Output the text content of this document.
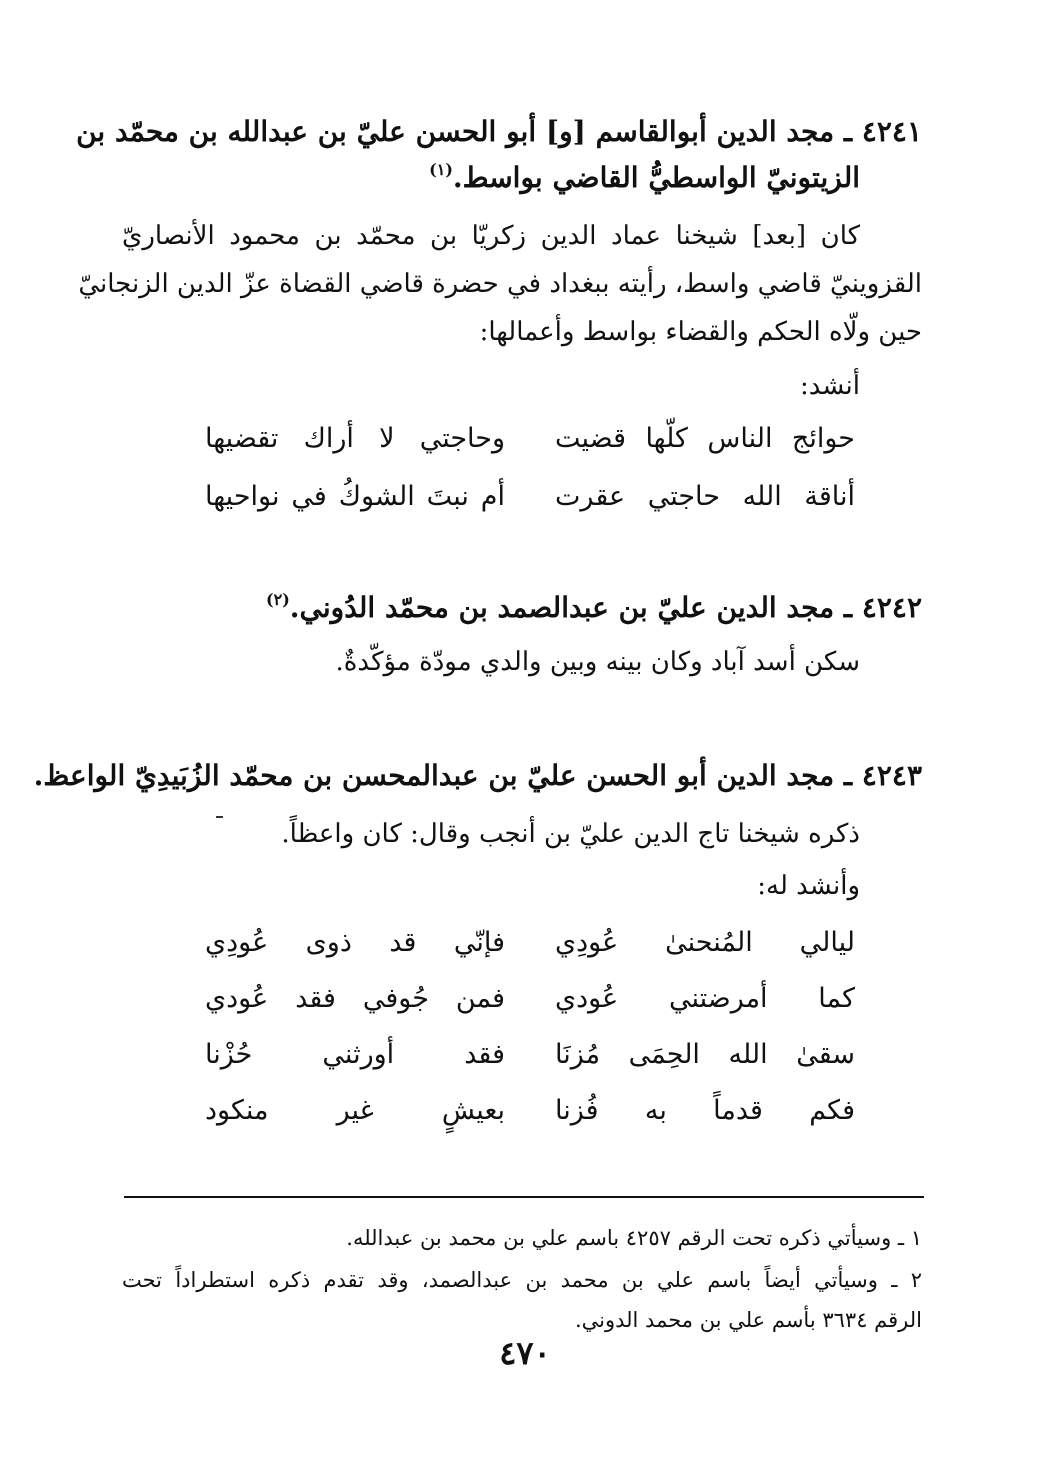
٤٢٤١ ـ مجد الدين أبوالقاسم [و] أبو الحسن عليّ بن عبدالله بن محمّد بن
الزيتونيّ الواسطيُّ القاضي بواسط.$^{(١)}$
كان [بعد] شيخنا عماد الدين زكريّا بن محمّد بن محمود الأنصاريّ
القزوينيّ قاضي واسط، رأيته ببغداد في حضرة قاضي القضاة عزّ الدين الزنجانيّ
حين ولّاه الحكم والقضاء بواسط وأعمالها:
أنشد:
حوائج الناس كلّها قضيت
وحاجتي لا أراك تقضيها
أناقة الله حاجتي عقرت
أم نبتَ الشوكُ في نواحيها
٤٢٤٢ ـ مجد الدين عليّ بن عبدالصمد بن محمّد الدُوني.$^{(٢)}$
سكن أسد آباد وكان بينه وبين والدي مودّة مؤكّدةٌ.
٤٢٤٣ ـ مجد الدين أبو الحسن عليّ بن عبدالمحسن بن محمّد الزُبَيدِيّ الواعظ.
ذكره شيخنا تاج الدين عليّ بن أنجب وقال: كان واعظاً.
وأنشد له:
ليالي المُنحنىٰ عُودِي
فإنّي قد ذوى عُودِي
كما أمرضتني عُودي
فمن جُوفي فقد عُودي
سقىٰ الله الحِمَى مُزنَا
فقد أورثني حُزْنا
فكم قدماً به فُزنا
بعيشٍ غير منكود
١ ـ وسيأتي ذكره تحت الرقم ٤٢٥٧ باسم علي بن محمد بن عبدالله.
٢ ـ وسيأتي أيضاً باسم علي بن محمد بن عبدالصمد، وقد تقدم ذكره استطراداً تحت
الرقم ٣٦٣٤ بأسم علي بن محمد الدوني.
٤٧٠
